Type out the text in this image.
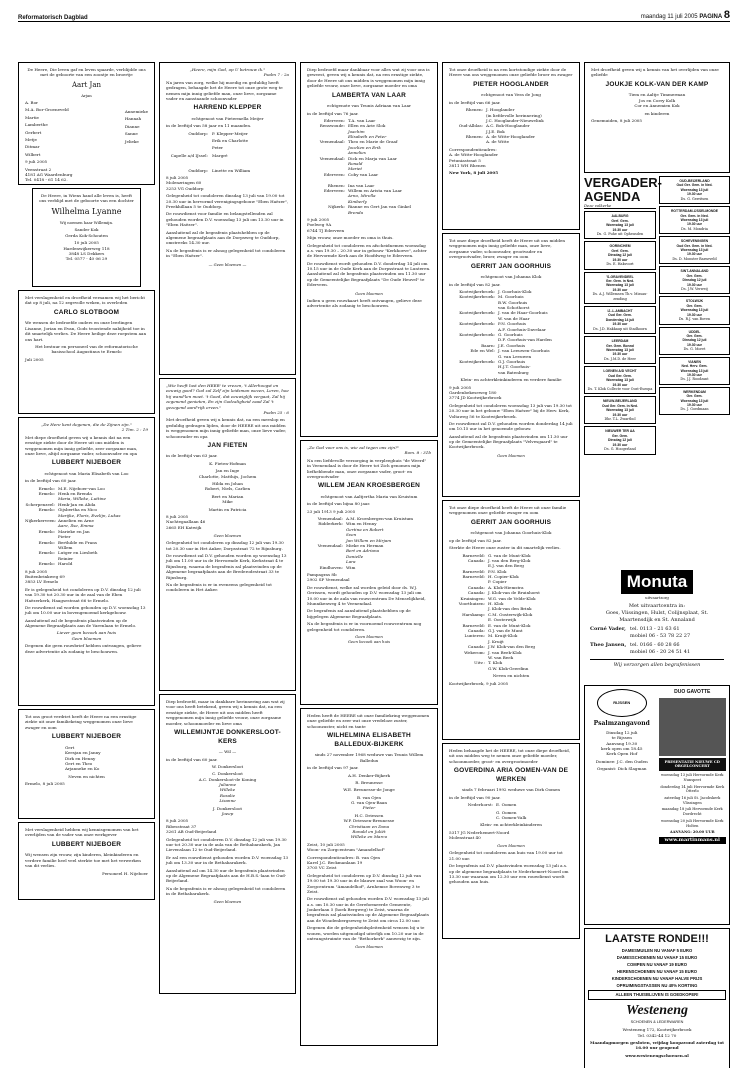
Reformatorisch Dagblad	maandag 11 juli 2005 PAGINA 8

De Heere, Die leven gaf en leven spaarde, verblijdde ons met de geboorte van een zoontje en broertje

Aart Jan

Arjan

A. Bor

M.A. Bor-Groeneveld

Martie

Lamberthe

Gerbert

Metje

Ditmar

Wilbert

Annemieke

Hannah

Dianne

Sanne

Jelieke

9 juli 2005

Veenstraat 2

4181 AG Waardenburg

Tel. 0418 - 61 14 62.

De Heere, in Wiens hand alle leven is, heeft ons verblijd met de geboorte van een dochter

Wilhelma Lyanne

Wij noemen haar Willemijn.

Sander Kok

Gerda Kok-Schouten

10 juli 2005

Hardenwijkerweg 118

3848 LS Dekkers

Tel. 0577 - 40 06 29

Met verslagenheid en droefheid vernamen wij het bericht dat op 8 juli, na 12 zegevolle weken, is overleden

CARLO SLOTBOOM

We wensen de bedroefde ouders en onze leerlingen Lisanne, Jorian en Evan, Gods troostende nabijheid toe in dit smartelijk verlies. De Heere heilige deze roepstem aan ons hart.

Het bestuur en personeel van de reformatorische basisschool Augustinus te Ermelo

Juli 2005

„De Here kent degenen, die de Zijnen zijn."

2 Tim. 2 : 19

Met diepe droefheid geven wij u kennis dat na een ernstige ziekte door de Heere uit ons midden is weggenomen mijn innig geliefde, zeer zorgzame man, onze lieve, altijd zorgzame vader, schoonvader en opa

LUBBERT NIJEBOER

echtgenoot van Maria Elisabeth van Loo

in de leeftijd van 60 jaar.

Ermelo:

Ermelo:

Scherpenzeel:

Ermelo:

Nijkerkerveen:

Ermelo:

Ermelo:

Ermelo:

Ermelo:

M.E. Nijeboer-van Loo

Henk en Brenda

Maria, Willeke, Luttine

Henk-Jan en Alida

Gijsbertha en Nico

Marijke, Floris, Evelijn, Lukas

Annelien en Arne

Aare, Ilse, Emma

Marieke en Jan

Pieter

Berthilde en Frans

Willem

Lutger en Liesbeth

Reinier

Harold

8 juli 2005

Buitenbrinkweg 69

3853 LV Ermelo

Er is gelegenheid tot condoleren op D.V. dinsdag 12 juli van 19.30 tot 20.30 uur in de zaal van de Eben Haëzerkerk, Haagsestraat 66 te Ermelo.

De rouwdienst zal worden gehouden op D.V. woensdag 13 juli om 10.00 uur in bovengenoemd kerkgebouw.

Aansluitend zal de begrafenis plaatsvinden op de Algemene Begraafplaats aan de Varenlaan te Ermelo.

Liever geen bezoek aan huis

Geen bloemen

Degenen die geen rouwbrief hebben ontvangen, gelieve deze advertentie als zodanig te beschouwen.

Tot ons groot verdriet heeft de Heere na een ernstige ziekte uit onze familiekring weggenomen onze lieve zwager en oom

LUBBERT NIJEBOER

Gert

Keesjan en Janny

Dirk en Henny

Gert en Theo

Arjanneke en Ko

Neven en nichten

Ermelo, 8 juli 2005

Met verslagenheid hebben wij kennisgenomen van het overlijden van de vader van onze werkgever

LUBBERT NIJEBOER

Wij wensen zijn vrouw, zijn kinderen, kleinkinderen en verdere familie heel veel sterkte toe met het verwerken van dit verlies.

Personeel H. Nijeboer

„Heere, mijn God, op U betrouw ik."

Psalm 7 : 2a

Na jaren van zorg, welke hij moedig en geduldig heeft gedragen, behaagde het de Heere tot onze grote weg te nemen mijn innig geliefde man, onze lieve, zorgzame vader en aanstaande schoonvader

HARREND KLEPPER

echtgenoot van Pietermella Meijer

in de leeftijd van 58 jaar en 11 maanden.

Ouddorp:

Capelle a/d IJssel:

Ouddorp:

P. Klepper-Meijer

Erik en Charlotte

Peter

Margré

Linette en William

8 juli 2005

Molenzringen 60

3253 VG Ouddorp

Gelegenheid tot condoleren dinsdag 13 juli van 19.00 tot 20.30 uur in hervormd verenigingsgebouw "Eben Haëzer", Preekhillaan 5 te Ouddorp.

De rouwdienst voor familie en belangstellenden zal gehouden worden D.V. woensdag 13 juli om 13.30 uur in "Eben Haëzer".

Aansluitend zal de begrafenis plaatshebben op de algemene begraafplaats aan de Dorpsweg te Ouddorp, omstreeks 14.30 uur.

Na de begrafenis is er alsnog gelegenheid tot condoleren in "Eben Haëzer".

— Geen bloemen —

„Wie heeft lust den HEER' te vrezen, 't Allerhoogst en eeuwig goed? God zal Zelf zijn leidsman wezen, Leren, hoe hij wand'len moet. 't Goed, dat eeuwiglijk vergaat, Zal hij zegenend genieten, En zijn Godzaligheid zaad Zal 't gezegend aard'rijk erven."

Psalm 25 : 6

Met droefheid geven wij u kennis dat, na een meeslop en geduldig gedragen lijden, door de HEERE uit ons midden is weggenomen mijn innig geliefde man, onze lieve vader, schoonvader en opa

JAN FIETEN

in de leeftijd van 63 jaar.

K. Fieten-Hofman

Jan en Inge

Charlotte, Matthijs, Jochem

Hilda en Johan

Robert, Niels, Carlien

Bert en Marian

Mike

Martin en Patricia

8 juli 2005

Nachtegaallaan 46

2665 EH Katwijk

Geen bloemen

Gelegenheid tot condoleren op dinsdag 12 juli van 19.30 tot 20.30 uur in Het Anker, Dorpsstraat 72 te Rijnsburg.

De rouwdienst zal D.V. gehouden worden op woensdag 13 juli om 11.00 uur in de Hervormde Kerk, Kerkstraat 4 te Rijnsburg, waarna de begrafenis zal plaatsvinden op de Algemene begraafplaats aan de Brederodestraat 33 te Rijnsburg.

Na de begrafenis is er in eveneens gelegenheid tot condoleren in Het Anker.

Diep bedroefd, maar in dankbare herinnering aan wat zij voor ons heeft betekend, geven wij u kennis dat, na een ernstige ziekte, de Heere uit ons midden heeft weggenomen mijn innig geliefde vrouw, onze zorgzame moeder, schoonmoeder en lieve oma

WILLEMIJNTJE DONKERSLOOT-KERS

— Wil —

in de leeftijd van 60 jaar.

W. Donkersloot

C. Donkersloot

A.C. Donkersloot-de Koning

Julianne

Willeke

Rosalie

Lisanne

J. Donkersloot

Joeep

8 juli 2005

Ribesstraat 37

3261 AB Oud-Beijerland

Gelegenheid tot condoleren D.V. dinsdag 12 juli van 19.30 uur tot 20.30 uur in de aula van de Bethabarakerk, Jan Lievenslaan 12 te Oud-Beijerland.

Er zal een rouwdienst gehouden worden D.V. woensdag 13 juli om 13.30 uur in de Bethabarakerk.

Aansluitend zal om 14.30 uur de begrafenis plaatsvinden op de Algemene Begraafplaats aan de H.B.S.-laan te Oud-Beijerland.

Na de begrafenis is er alsnog gelegenheid tot condoleren in de Bethabarakerk.

Geen bloemen

Diep bedroefd maar dankbaar voor alles wat zij voor ons is geweest, geven wij u kennis dat, na een ernstige ziekte, door de Heere uit ons midden is weggenomen mijn innig geliefde vrouw, onze lieve, zorgzame moeder en oma

LAMBERTA VAN LAAR

echtgenote van Teunis Adriaan van Laar

in de leeftijd van 76 jaar.

Ederveen:

Renswoude:

Veenendaal:

Veenendaal:

Ederveen:

Rhenen:

Ederveen:

Nijkerk:

T.A. van Laar

Ellen en Arie Slok

Joachim

Elisabeth en Peter

Theo en Marie de Graaf

Jocelien en Erik

Annelies

Dick en Marja van Laar

Ronald

Mariet

Coby van Laar

Ina van Laar

Willem en Arista van Laar

Arno, Mirella

Kimberly

Rianne en Gert Jan van Ginkel

Brenda

9 juli 2005

Poelweg 9A

6744 TJ Ederveen

Mijn vrouw, onze moeder en oma is thuis.

Gelegenheid tot condoleren en afscheidnemen woensdag a.s. van 19.30 – 20.30 uur in gebouw "Kerkhoeve", achter de Hervormde Kerk aan de Hoofdweg te Ederveen.

De rouwdienst wordt gehouden D.V. donderdag 14 juli om 10.15 uur in de Oude Kerk aan de Dorpsstraat te Lunteren. Aansluitend zal de begrafenis plaatsvinden om 11.30 uur op de Gemeentelijke Begraafplaats "De Oude Heuvel" te Ederveen.

Geen bloemen

Indien u geen rouwkaart heeft ontvangen, gelieve deze advertentie als zodanig te beschouwen.

„Zo God voor ons is, wie zal tegen ons zijn?"

Rom. 8 : 31b

Na een liefdevolle verzorging in verpleeghuis "de Weerd" in Veenendaal is door de Heere tot Zich genomen mijn liefhebbende man, onze zorgzame vader, groot- en overgrootvader

WILLEM JEAN KROESBERGEN

echtgenoot van Aaltjertha Maria van Kruistum

in de leeftijd van bijna 80 jaar.

23 juli 1913 9 juli 2005

Veenendaal:

Ridderkerk:

Veenendaal:

Eindhoven:

A.M. Kroesbergen-van Kruistum

Wim en Henny

Gertina en Robert

Sven

Jan Willem en Mirjam

Mieke en Herman

Bert en Adriana

Danielle

Lara

Wim

Pampagras 8b

2902 SP Veenendaal

De rouwdienst, welke zal worden geleid door ds. W.J. Gerissen, wordt gehouden op D.V. woensdag 13 juli om 10.00 uur in de aula van rouwcentrum De Menselijkheid, Munnikenweg 4 te Veenendaal.

De begrafenis zal aansluitend plaatshebben op de bijgelegen Algemene Begraafplaats.

Na de begrafenis is er in voornoemd rouwcentrum nog gelegenheid tot condoleren.

Geen bloemen

Geen bezoek aan huis

Heden heeft de HEERE uit onze familiekring weggenomen onze geliefde en zeer wat onze vredeloze zuster, schoonzuster, nicht en tante

WILHELMINA ELISABETH BALLEDUX-BIJKERK

sinds 27 november 1968 weduwe van Teunis Willem Balledux

in de leeftijd van 97 jaar.

A.H. Denker-Bijkerk

R. Breunesse

W.E. Breunesse-de Jonge

B. van Ojen

G. van Ojen-Baan

Pieter

H.C. Driessen

W.P. Driessen-Breunesse

Christiaan en Dana

Ronald en Juliët

Willeke en Marco

Zeist, 10 juli 2005

Woon- en Zorgcentrum "Amandelhof"

Correspondentieadres: B. van Ojen

Karel J.C. Beckmanlaan 19

3705 VC Zeist

Gelegenheid tot condoleren op D.V. dinsdag 12 juli van 19.00 tot 19.30 uur in de blauwe zaal van Woon- en Zorgcentrum "Amandelhof", Arnhemse Bovenweg 3 te Zeist.

De rouwdienst zal gehouden worden D.V. woensdag 13 juli a.s. om 10.30 uur in de Gereformeerde Gemeente, Jonkerlaan 5 (hoek Bergweg) te Zeist, waarna de begrafenis zal plaatsvinden op de Algemene Begraafplaats aan de Woudenbergseweg te Zeist om circa 12.00 uur.

Degenen die de gelegenheidspleitenheid wensen bij u te wonen, worden uitgenodigd uiterlijk om 10.20 uur in de ontvangstruimte van de "Bethorkerk" aanwezig te zijn.

Geen bloemen

Tot onze droefheid is na een kortstondige ziekte door de Heere van ons weggenomen onze geliefde broer en zwager

PIETER HOOGLANDER

echtgenoot van Vera de Jong

in de leeftijd van 66 jaar.

Rhenen:

Oud-Alblas:

Rhenen:

J. Hooglander

(in liefdevolle herinnering)

J.C. Hooglander-Nieuwelink

A.C. Bok-Hooglander

J.J.E. Bok

A. de Witte-Hooglander

A. de Witte

Correspondentieadres:

A. de Witte-Hooglander

Petuniastraat 5

3811 WH Rhenen

New York, 8 juli 2005

Tot onze diepe droefheid heeft de Heere uit ons midden weggenomen mijn innig geliefde man, onze lieve, zorgzame vader, schoonvader, grootvader en overgrootvader, broer, zwager en oom

GERRIT JAN GOORHUIS

echtgenoot van Johanna Klok

in de leeftijd van 82 jaar.

Kootwijkerbroek:

Kootwijkerbroek:

Kootwijkerbroek:

Kootwijkerbroek:

Kootwijkerbroek:

Baarn:

Ede en Wel:

Kootwijkerbroek:

J. Goorhuis-Klok

M. Goorhuis

B.W. Goorhuis

van Schothorst

J. van de Haar-Goorhuis

W. van de Haar

P.N. Goorhuis

A.F. Goorhuis-Davelaar

G. Goorhuis

D.F. Goorhuis-van Harden

J.E. Goorhuis

J. van Leeuwen-Goorhuis

G. van Leeuwen

G.J. Goorhuis

H.J.T. Goorhuis-

van Batenburg

Klein- en achterkleinkinderen en verdere familie

9 juli 2005

Gardenbekeseweg 180

3774 JD Kootwijkerbroek

Gelegenheid tot condoleren woensdag 13 juli van 19.30 tot 20.30 uur in het gebouw "Eben Haëzer" bij de Herv. Kerk, Voltaweg 56 te Kootwijkerbroek.

De rouwdienst zal D.V. gehouden worden donderdag 14 juli om 10.15 uur in het genoemde gebouw.

Aansluitend zal de begrafenis plaatsvinden om 11.30 uur op de Gemeentelijke Begraafplaats "Velvesgaard" te Kootwijkerbroek.

Geen bloemen

Tot onze diepe droefheid heeft de Heere uit onze familie weggenomen onze geliefde zwager en oom

GERRIT JAN GOORHUIS

echtgenoot van Johanna Goorhuis-Klok

op de leeftijd van 82 jaar.

Sterkte de Heere onze zuster in dit smartelijk verlies.

Barneveld:

Canada:

Barneveld:

Barneveld:

Canada:

Canada:

Kruiningen:

Voorthuizen:

Harskamp:

Barneveld:

Canada:

Lunteren:

Canada:

Wekerom:

Uitv.:

G. van de Munt-Klok

J. van den Berg-Klok

E.J. van den Berg

P.N. Klok

H. Copier-Klok

P. Copier

A. Klok-Hiemstra

J. Klok-van de Bruinhorst

W.G. van de Velde-Klok

H. Klok

J. Klok-van den Brink

C.M. Oosterwijk-Klok

E. Oosterwijk

E. van de Munt-Klok

G.J. van de Munt

M. Kruijt-Klok

J. Kruijt

J.W. Klok-van den Berg

J. van Beek-Klok

W. van Beek

T. Klok

G.W. Klok-Geerdinn

Neven en nichten

Kootwijkerbroek, 9 juli 2005

Heden behaagde het de HEERE, tot onze diepe droefheid, uit ons midden weg te nemen onze geliefde moeder, schoonmoeder, groot- en overgrootmoeder

GOVERDINA ARIA OOMEN-VAN DE WERKEN

sinds 7 februari 1992 weduwe van Dirk Oomen

in de leeftijd van 90 jaar.

Nederhorst: E. Oomen

G. Oomen

C. Oomen-Valk

Klein- en achterkleinkinderen

5317 JG Nederhemert-Noord

Molenstraat 40

Geen bloemen

Gelegenheid tot condoleren aan huis van 19.00 uur tot 21.00 uur.

De begrafenis zal D.V. plaatsvinden woensdag 13 juli a.s. op de algemene begraafplaats te Nederhemert-Noord om 13.30 uur waaraan om 12.30 uur een rouwdienst wordt gehouden aan huis.

Met droefheid geven wij u kennis van het overlijden van onze geliefde

JOUKJE KOLK-VAN DER KAMP

Tiem en Aaltje Timmerman

Jos en Corry Kolk

Cor en Annemien Kok

en kinderen

Genemuiden, 8 juli 2005

VERGADER- AGENDA

Deze volkerke

AALBURG
Gerf. Gem.
Woensdag 13 juli
19.30 uur
Ds. G. Fuhe uit Opheusden
GORINCHEM
Gerf. Gem.
Dinsdag 12 juli
19.30 uur
Ds. E. Hakvoort
'S-GRAVENDEEL
Ger. Gem. in Ned.
Woensdag 13 juli
19.30 uur
Ds. A.J. Willemsen Tb.v. Missau-zending
IJ.-L.AMBACHT
Oud Ger. Gem.
Donderdag 14 juli
19.30 uur
Ds. J.D. Hakkaup uit Stadhoorn
LEERDAM
Ger. Gem. Bonnd
Woensdag 13 juli
19.30 uur
Ds. J.M.D. de Heer
LOENEN A/D VECHT
Oud Ger. Gem.
Woensdag 13 juli
19.30 uur
Ds. T. Klok Collecte voor Oost-Europa
NIEUW-BEIJERLAND
Oud Ger. Gem. in Ned.
Woensdag 13 juli
19.30 uur
Dhr. T.L. Zwartbol
NIEUWER TER AA
Ger. Gem.
Dinsdag 12 juli
19.30 uur
Ds. G. Hoogerland
OUD-BEIJERLAND
Oud Ger. Gem. in Ned.
Woensdag 13 juli
19.30 uur
Ds. G. Gerritsen
ROTTERDAM-IJSSELMONDE
Ger. Gem. in Ned.
Woensdag 13 juli
19.30 uur
Ds. M. Mondria
SCHEVENINGEN
Oud Ger. Gem. in Ned.
Woensdag 13 juli
19.30 uur
Ds. D. Monster Barneveld
SINT-ANNALAND
Ger. Gem.
Dinsdag 12 juli
19.30 uur
Ds. J.W. Verweij
STOLWIJK
Ger. Gem.
Woensdag 13 juli
19.30 uur
Ds. R.J. van Boven
UDDEL
Ger. Gem.
Dinsdag 12 juli
19.30 uur
Ds. G. Moret
VIANEN
Ned. Herv. Gem.
Woensdag 13 juli
19.30 uur
Ds. J.J. Roodzant
WERKENDAM
Ger. Gem.
Woensdag 13 juli
19.30 uur
Ds. J. Goedmaan
Monuta

uitvaartzorg

Met uitvaartcentra in:

Goes, Vlissingen, Hulst, Colijnsplaat, St. Maartensdijk en St. Annaland

Corné Vader, tel. 0113 - 21 63 61

mobiel 06 - 53 78 22 27

Theo Jansen, tel. 0166 - 60 28 66

mobiel 06 - 20 24 51 41

Wij verzorgen allen begrafenissen

RIJSSEN

Psalmzangavond

Dinsdag 12 juli

te Rijssen

Aanvang 19.30

kerk open om 18.45

Kerk Open Hof

Dominee: J.C. den Ouden

Organist: Dick Slagman

DUO GAVOTTE

PRESENTATIE NIEUWE CD ORGELCONCERT

woensdag 13 juli Hervormde Kerk Nunspeet

donderdag 14 juli Hervormde Kerk Otterlo

zaterdag 16 juli St. Jacobskerk Vlissingen

maandag 18 juli Hervormde Kerk Dordrecht

woensdag 20 juli Hervormde Kerk Holten

AANVANG: 20.00 UUR

www.martinmans.nl

LAATSTE RONDE!!!
DAMESMUILEN NU VANAF 5 EURO
DAMESSCHOENEN NU VANAF 15 EURO
COMPEN NU VANAF 19 EURO
HERENSCHOENEN NU VANAF 15 EURO
KINDERSCHOENEN NU VANAF HALVE PRIJS
OPRUIMINGSTASSEN NU 40% KORTING
ALLEEN THUISBLIJVEN IS GOEDKOPER!
Westeneng

SCHOENEN & LEDERWAREN

Westeneng 172, Kootwijkerbroek

Tel. 0342-44 12 70

Maandagmorgen gesloten, vrijdag koopavond zaterdag tot 16.00 uur geopend

www.westenengschoenen.nl
